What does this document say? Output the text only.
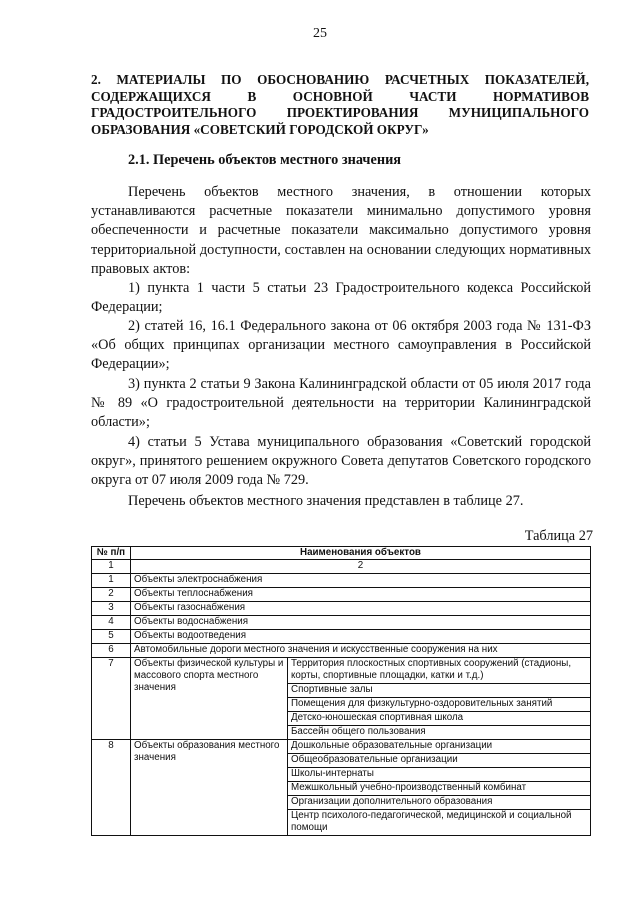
25
2. МАТЕРИАЛЫ ПО ОБОСНОВАНИЮ РАСЧЕТНЫХ ПОКАЗАТЕЛЕЙ,
СОДЕРЖАЩИХСЯ В ОСНОВНОЙ ЧАСТИ НОРМАТИВОВ
ГРАДОСТРОИТЕЛЬНОГО ПРОЕКТИРОВАНИЯ МУНИЦИПАЛЬНОГО
ОБРАЗОВАНИЯ «СОВЕТСКИЙ ГОРОДСКОЙ ОКРУГ»
2.1. Перечень объектов местного значения

Перечень объектов местного значения, в отношении которых устанавливаются расчетные показатели минимально допустимого уровня обеспеченности и расчетные показатели максимально допустимого уровня территориальной доступности, составлен на основании следующих нормативных правовых актов:

1) пункта 1 части 5 статьи 23 Градостроительного кодекса Российской Федерации;

2) статей 16, 16.1 Федерального закона от 06 октября 2003 года № 131-ФЗ «Об общих принципах организации местного самоуправления в Российской Федерации»;

3) пункта 2 статьи 9 Закона Калининградской области от 05 июля 2017 года № 89 «О градостроительной деятельности на территории Калининградской области»;

4) статьи 5 Устава муниципального образования «Советский городской округ», принятого решением окружного Совета депутатов Советского городского округа от 07 июля 2009 года № 729.

Перечень объектов местного значения представлен в таблице 27.

Таблица 27
№ п/п	Наименования объектов	
1	2	
1	Объекты электроснабжения	
2	Объекты теплоснабжения	
3	Объекты газоснабжения	
4	Объекты водоснабжения	
5	Объекты водоотведения	
6	Автомобильные дороги местного значения и искусственные сооружения на них	
7	Объекты физической культуры и массового спорта местного значения	Территория плоскостных спортивных сооружений (стадионы, корты, спортивные площадки, катки и т.д.)
		Спортивные залы
		Помещения для физкультурно-оздоровительных занятий
		Детско-юношеская спортивная школа
		Бассейн общего пользования
8	Объекты образования местного значения	Дошкольные образовательные организации
		Общеобразовательные организации
		Школы-интернаты
		Межшкольный учебно-производственный комбинат
		Организации дополнительного образования
		Центр психолого-педагогической, медицинской и социальной помощи
